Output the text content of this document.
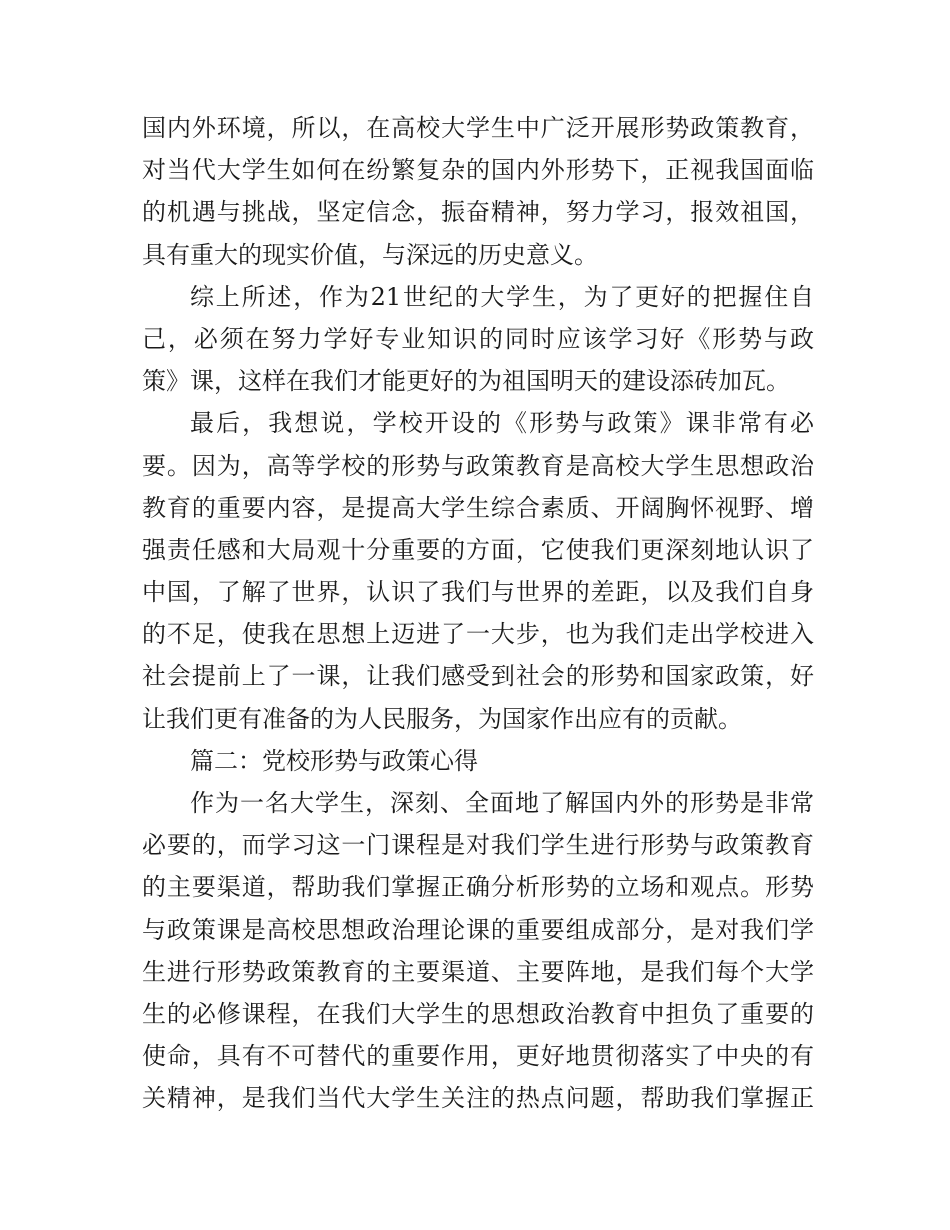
国内外环境，所以，在高校大学生中广泛开展形势政策教育，
对当代大学生如何在纷繁复杂的国内外形势下，正视我国面临
的机遇与挑战，坚定信念，振奋精神，努力学习，报效祖国，
具有重大的现实价值，与深远的历史意义。
综上所述，作为21世纪的大学生，为了更好的把握住自
己，必须在努力学好专业知识的同时应该学习好《形势与政
策》课，这样在我们才能更好的为祖国明天的建设添砖加瓦。
最后，我想说，学校开设的《形势与政策》课非常有必
要。因为，高等学校的形势与政策教育是高校大学生思想政治
教育的重要内容，是提高大学生综合素质、开阔胸怀视野、增
强责任感和大局观十分重要的方面，它使我们更深刻地认识了
中国，了解了世界，认识了我们与世界的差距，以及我们自身
的不足，使我在思想上迈进了一大步，也为我们走出学校进入
社会提前上了一课，让我们感受到社会的形势和国家政策，好
让我们更有准备的为人民服务，为国家作出应有的贡献。
篇二：党校形势与政策心得
作为一名大学生，深刻、全面地了解国内外的形势是非常
必要的，而学习这一门课程是对我们学生进行形势与政策教育
的主要渠道，帮助我们掌握正确分析形势的立场和观点。形势
与政策课是高校思想政治理论课的重要组成部分，是对我们学
生进行形势政策教育的主要渠道、主要阵地，是我们每个大学
生的必修课程，在我们大学生的思想政治教育中担负了重要的
使命，具有不可替代的重要作用，更好地贯彻落实了中央的有
关精神，是我们当代大学生关注的热点问题，帮助我们掌握正
